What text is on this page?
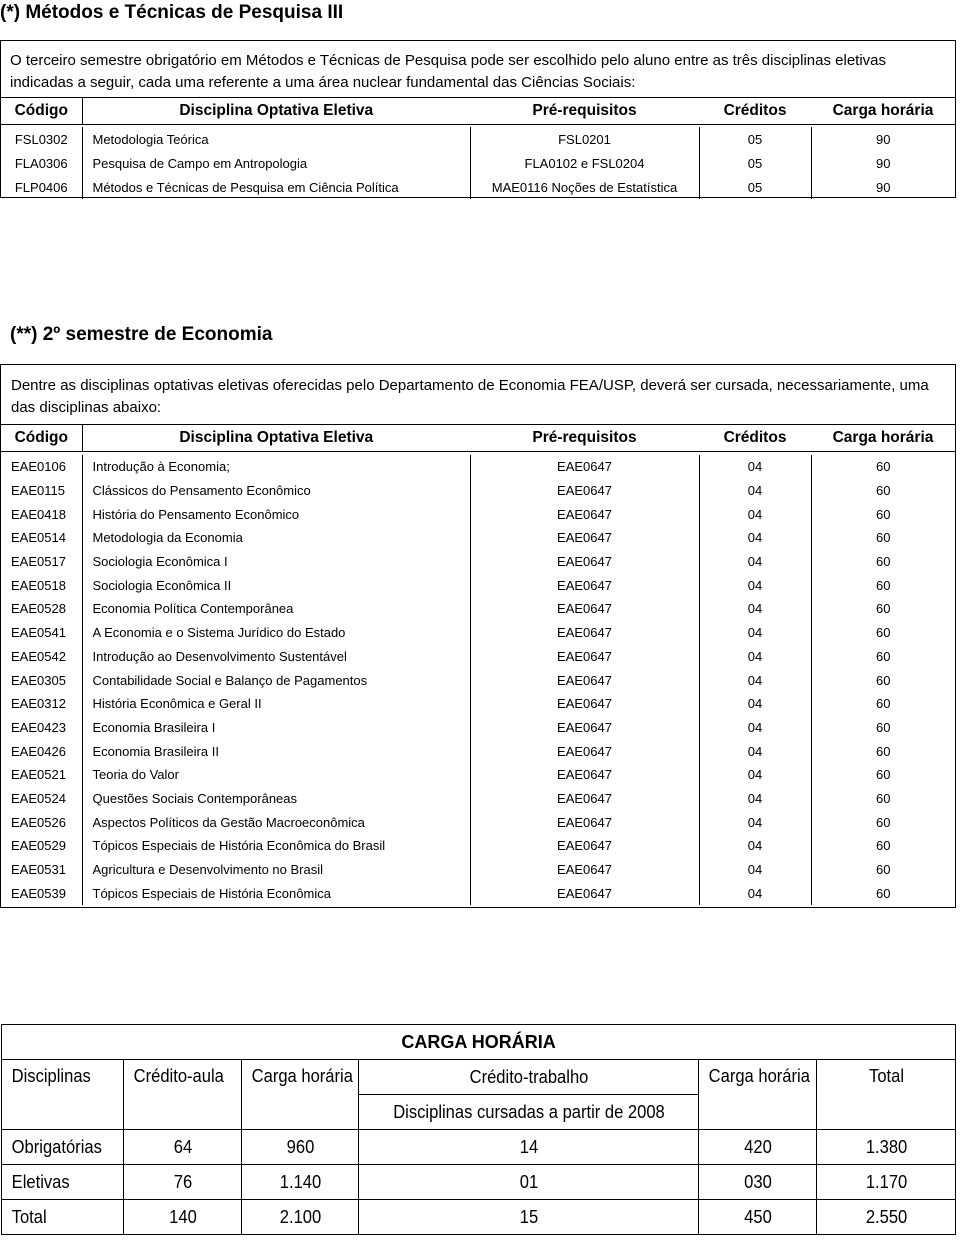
(*) Métodos e Técnicas de Pesquisa III
O terceiro semestre obrigatório em Métodos e Técnicas de Pesquisa pode ser escolhido pelo aluno entre as três disciplinas eletivas indicadas a seguir, cada uma referente a uma área nuclear fundamental das Ciências Sociais:
Código	Disciplina Optativa Eletiva	Pré-requisitos	Créditos	Carga horária

FSL0302	Metodologia Teórica	FSL0201	05	90
FLA0306	Pesquisa de Campo em Antropologia	FLA0102 e FSL0204	05	90
FLP0406	Métodos e Técnicas de Pesquisa em Ciência Política	MAE0116 Noções de Estatística	05	90
(**) 2º semestre de Economia
Dentre as disciplinas optativas eletivas oferecidas pelo Departamento de Economia FEA/USP, deverá ser cursada, necessariamente, uma das disciplinas abaixo:
Código	Disciplina Optativa Eletiva	Pré-requisitos	Créditos	Carga horária

EAE0106	Introdução à Economia;	EAE0647	04	60
EAE0115	Clássicos do Pensamento Econômico	EAE0647	04	60
EAE0418	História do Pensamento Econômico	EAE0647	04	60
EAE0514	Metodologia da Economia	EAE0647	04	60
EAE0517	Sociologia Econômica I	EAE0647	04	60
EAE0518	Sociologia Econômica II	EAE0647	04	60
EAE0528	Economia Política Contemporânea	EAE0647	04	60
EAE0541	A Economia e o Sistema Jurídico do Estado	EAE0647	04	60
EAE0542	Introdução ao Desenvolvimento Sustentável	EAE0647	04	60
EAE0305	Contabilidade Social e Balanço de Pagamentos	EAE0647	04	60
EAE0312	História Econômica e Geral II	EAE0647	04	60
EAE0423	Economia Brasileira I	EAE0647	04	60
EAE0426	Economia Brasileira II	EAE0647	04	60
EAE0521	Teoria do Valor	EAE0647	04	60
EAE0524	Questões Sociais Contemporâneas	EAE0647	04	60
EAE0526	Aspectos Políticos da Gestão Macroeconômica	EAE0647	04	60
EAE0529	Tópicos Especiais de História Econômica do Brasil	EAE0647	04	60
EAE0531	Agricultura e Desenvolvimento no Brasil	EAE0647	04	60
EAE0539	Tópicos Especiais de História Econômica	EAE0647	04	60
CARGA HORÁRIA					
Disciplinas	Crédito-aula	Carga horária	Crédito-trabalho	Carga horária	Total
			Disciplinas cursadas a partir de 2008		
Obrigatórias	64	960	14	420	1.380
Eletivas	76	1.140	01	030	1.170
Total	140	2.100	15	450	2.550
